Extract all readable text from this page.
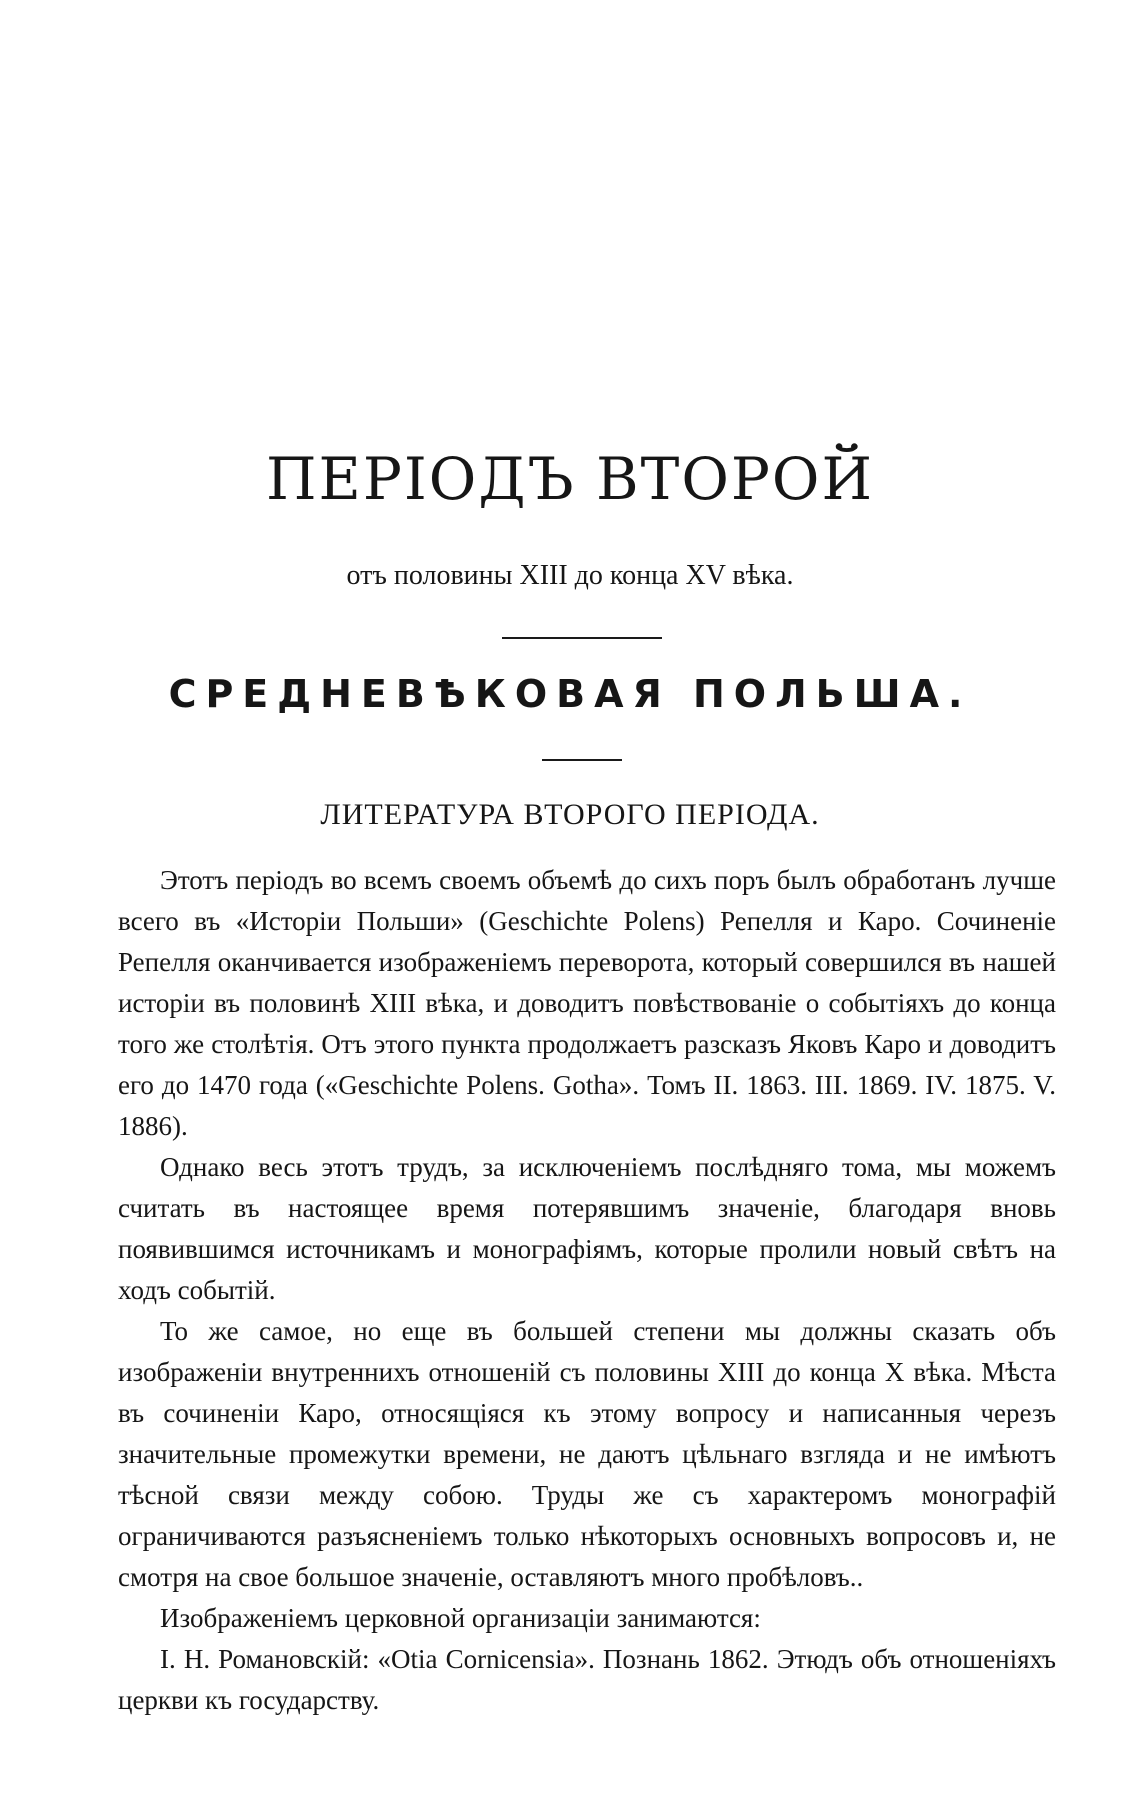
ПЕРІОДЪ ВТОРОЙ
отъ половины XIII до конца XV вѣка.
СРЕДНЕВѢКОВАЯ ПОЛЬША.
ЛИТЕРАТУРА ВТОРОГО ПЕРІОДА.

Этотъ періодъ во всемъ своемъ объемѣ до сихъ поръ былъ обработанъ лучше всего въ «Исторіи Польши» (Geschichte Polens) Репелля и Каро. Сочиненіе Репелля оканчивается изображеніемъ переворота, который совершился въ нашей исторіи въ половинѣ XIII вѣка, и доводитъ повѣствованіе о событіяхъ до конца того же столѣтія. Отъ этого пункта продолжаетъ разсказъ Яковъ Каро и доводитъ его до 1470 года («Geschichte Polens. Gotha». Томъ II. 1863. III. 1869. IV. 1875. V. 1886).

Однако весь этотъ трудъ, за исключеніемъ послѣдняго тома, мы можемъ считать въ настоящее время потерявшимъ значеніе, благодаря вновь появившимся источникамъ и монографіямъ, которые пролили новый свѣтъ на ходъ событій.

То же самое, но еще въ большей степени мы должны сказать объ изображеніи внутреннихъ отношеній съ половины XIII до конца X вѣка. Мѣста въ сочиненіи Каро, относящіяся къ этому вопросу и написанныя черезъ значительные промежутки времени, не даютъ цѣльнаго взгляда и не имѣютъ тѣсной связи между собою. Труды же съ характеромъ монографій ограничиваются разъясненіемъ только нѣкоторыхъ основныхъ вопросовъ и, не смотря на свое большое значеніе, оставляютъ много пробѣловъ..

Изображеніемъ церковной организаціи занимаются:

I. Н. Романовскій: «Otia Cornicensia». Познань 1862. Этюдъ объ отношеніяхъ церкви къ государству.
